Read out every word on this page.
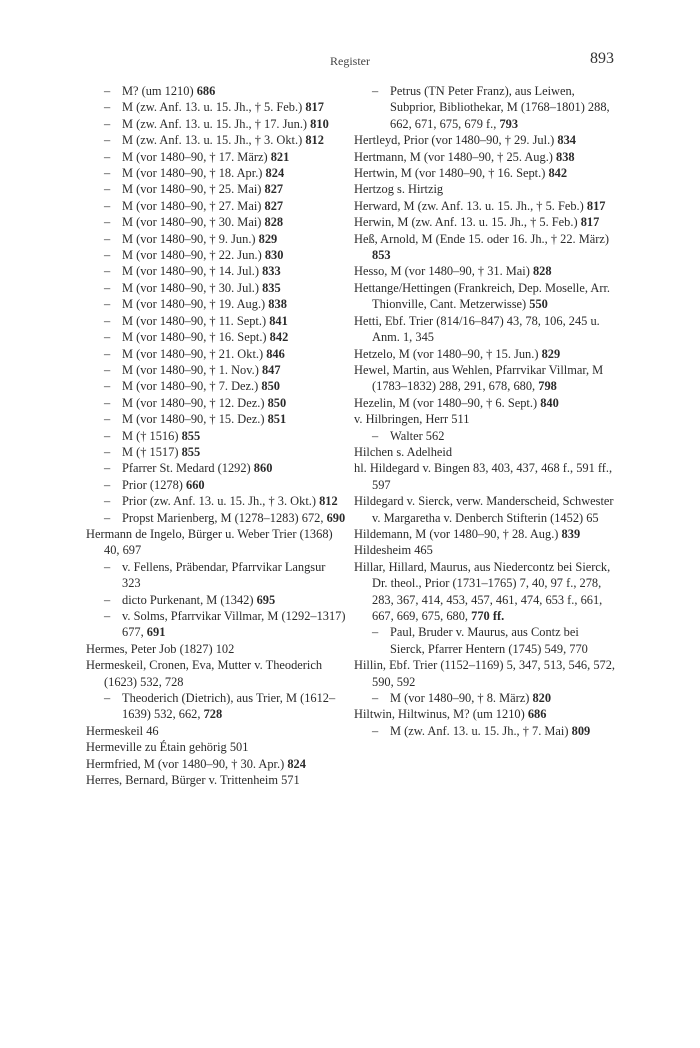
Register	893

– M? (um 1210) 686

– M (zw. Anf. 13. u. 15. Jh., † 5. Feb.) 817

– M (zw. Anf. 13. u. 15. Jh., † 17. Jun.) 810

– M (zw. Anf. 13. u. 15. Jh., † 3. Okt.) 812

– M (vor 1480–90, † 17. März) 821

– M (vor 1480–90, † 18. Apr.) 824

– M (vor 1480–90, † 25. Mai) 827

– M (vor 1480–90, † 27. Mai) 827

– M (vor 1480–90, † 30. Mai) 828

– M (vor 1480–90, † 9. Jun.) 829

– M (vor 1480–90, † 22. Jun.) 830

– M (vor 1480–90, † 14. Jul.) 833

– M (vor 1480–90, † 30. Jul.) 835

– M (vor 1480–90, † 19. Aug.) 838

– M (vor 1480–90, † 11. Sept.) 841

– M (vor 1480–90, † 16. Sept.) 842

– M (vor 1480–90, † 21. Okt.) 846

– M (vor 1480–90, † 1. Nov.) 847

– M (vor 1480–90, † 7. Dez.) 850

– M (vor 1480–90, † 12. Dez.) 850

– M (vor 1480–90, † 15. Dez.) 851

– M († 1516) 855

– M († 1517) 855

– Pfarrer St. Medard (1292) 860

– Prior (1278) 660

– Prior (zw. Anf. 13. u. 15. Jh., † 3. Okt.) 812

– Propst Marienberg, M (1278–1283) 672, 690

Hermann de Ingelo, Bürger u. Weber Trier (1368) 40, 697

– v. Fellens, Präbendar, Pfarrvikar Langsur 323

– dicto Purkenant, M (1342) 695

– v. Solms, Pfarrvikar Villmar, M (1292–1317) 677, 691

Hermes, Peter Job (1827) 102

Hermeskeil, Cronen, Eva, Mutter v. Theoderich (1623) 532, 728

– Theoderich (Dietrich), aus Trier, M (1612–1639) 532, 662, 728

Hermeskeil 46

Hermeville zu Étain gehörig 501

Hermfried, M (vor 1480–90, † 30. Apr.) 824

Herres, Bernard, Bürger v. Trittenheim 571

– Petrus (TN Peter Franz), aus Leiwen, Subprior, Bibliothekar, M (1768–1801) 288, 662, 671, 675, 679 f., 793

Hertleyd, Prior (vor 1480–90, † 29. Jul.) 834

Hertmann, M (vor 1480–90, † 25. Aug.) 838

Hertwin, M (vor 1480–90, † 16. Sept.) 842

Hertzog s. Hirtzig

Herward, M (zw. Anf. 13. u. 15. Jh., † 5. Feb.) 817

Herwin, M (zw. Anf. 13. u. 15. Jh., † 5. Feb.) 817

Heß, Arnold, M (Ende 15. oder 16. Jh., † 22. März) 853

Hesso, M (vor 1480–90, † 31. Mai) 828

Hettange/Hettingen (Frankreich, Dep. Moselle, Arr. Thionville, Cant. Metzerwisse) 550

Hetti, Ebf. Trier (814/16–847) 43, 78, 106, 245 u. Anm. 1, 345

Hetzelo, M (vor 1480–90, † 15. Jun.) 829

Hewel, Martin, aus Wehlen, Pfarrvikar Villmar, M (1783–1832) 288, 291, 678, 680, 798

Hezelin, M (vor 1480–90, † 6. Sept.) 840

v. Hilbringen, Herr 511

– Walter 562

Hilchen s. Adelheid

hl. Hildegard v. Bingen 83, 403, 437, 468 f., 591 ff., 597

Hildegard v. Sierck, verw. Manderscheid, Schwester v. Margaretha v. Denberch Stifterin (1452) 65

Hildemann, M (vor 1480–90, † 28. Aug.) 839

Hildesheim 465

Hillar, Hillard, Maurus, aus Niedercontz bei Sierck, Dr. theol., Prior (1731–1765) 7, 40, 97 f., 278, 283, 367, 414, 453, 457, 461, 474, 653 f., 661, 667, 669, 675, 680, 770 ff.

– Paul, Bruder v. Maurus, aus Contz bei Sierck, Pfarrer Hentern (1745) 549, 770

Hillin, Ebf. Trier (1152–1169) 5, 347, 513, 546, 572, 590, 592

– M (vor 1480–90, † 8. März) 820

Hiltwin, Hiltwinus, M? (um 1210) 686

– M (zw. Anf. 13. u. 15. Jh., † 7. Mai) 809
